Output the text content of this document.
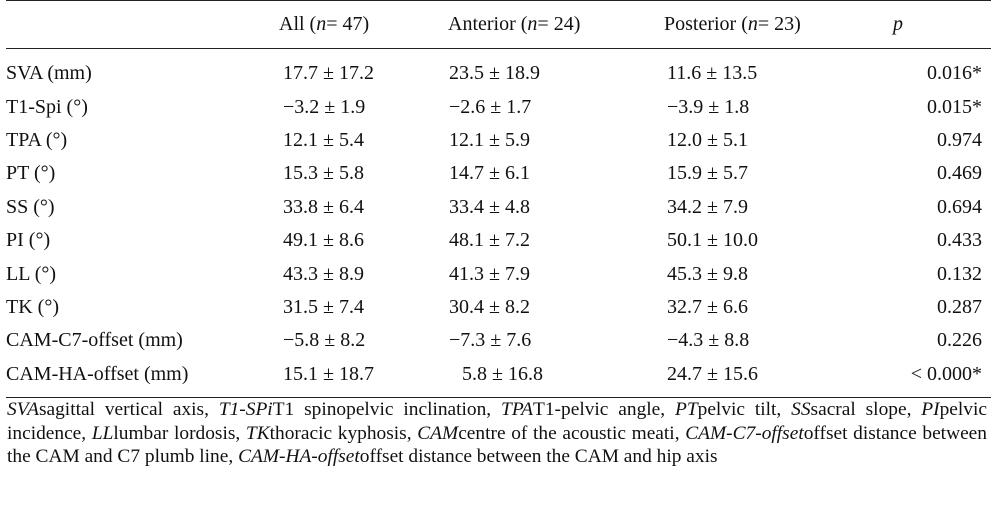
	All (n= 47)	Anterior (n= 24)	Posterior (n= 23)	p
SVA (mm)	17.7 ± 17.2	23.5 ± 18.9	11.6 ± 13.5	0.016*
T1-Spi (°)	−3.2 ± 1.9	−2.6 ± 1.7	−3.9 ± 1.8	0.015*
TPA (°)	12.1 ± 5.4	12.1 ± 5.9	12.0 ± 5.1	0.974
PT (°)	15.3 ± 5.8	14.7 ± 6.1	15.9 ± 5.7	0.469
SS (°)	33.8 ± 6.4	33.4 ± 4.8	34.2 ± 7.9	0.694
PI (°)	49.1 ± 8.6	48.1 ± 7.2	50.1 ± 10.0	0.433
LL (°)	43.3 ± 8.9	41.3 ± 7.9	45.3 ± 9.8	0.132
TK (°)	31.5 ± 7.4	30.4 ± 8.2	32.7 ± 6.6	0.287
CAM-C7-offset (mm)	−5.8 ± 8.2	−7.3 ± 7.6	−4.3 ± 8.8	0.226
CAM-HA-offset (mm)	15.1 ± 18.7	5.8 ± 16.8	24.7 ± 15.6	< 0.000*
SVAsagittal vertical axis, T1-SPiT1 spinopelvic inclination, TPAT1-pelvic angle, PTpelvic tilt, SSsacral slope, PIpelvic incidence, LLlumbar lordosis, TKthoracic kyphosis, CAMcentre of the acoustic meati, CAM-C7-offsetoffset distance between the CAM and C7 plumb line, CAM-HA-offsetoffset distance between the CAM and hip axis
